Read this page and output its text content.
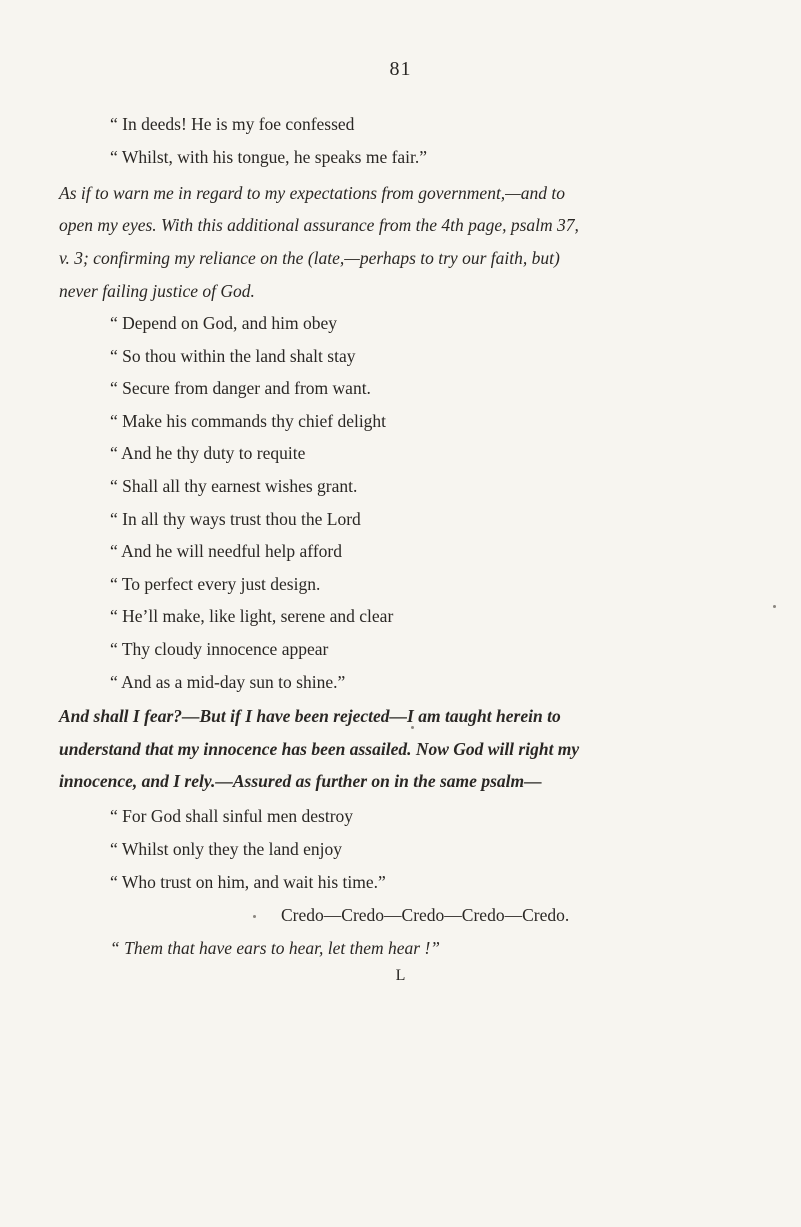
81
“ In deeds! He is my foe confessed
“ Whilst, with his tongue, he speaks me fair.”
As if to warn me in regard to my expectations from government,—and to
open my eyes. With this additional assurance from the 4th page, psalm 37,
v. 3; confirming my reliance on the (late,—perhaps to try our faith, but)
never failing justice of God.
“ Depend on God, and him obey
“ So thou within the land shalt stay
“ Secure from danger and from want.
“ Make his commands thy chief delight
“ And he thy duty to requite
“ Shall all thy earnest wishes grant.
“ In all thy ways trust thou the Lord
“ And he will needful help afford
“ To perfect every just design.
“ He’ll make, like light, serene and clear
“ Thy cloudy innocence appear
“ And as a mid-day sun to shine.”
And shall I fear?—But if I have been rejected—I am taught herein to
understand that my innocence has been assailed. Now God will right my
innocence, and I rely.—Assured as further on in the same psalm—
“ For God shall sinful men destroy
“ Whilst only they the land enjoy
“ Who trust on him, and wait his time.”
Credo—Credo—Credo—Credo—Credo.
“ Them that have ears to hear, let them hear !”
L
